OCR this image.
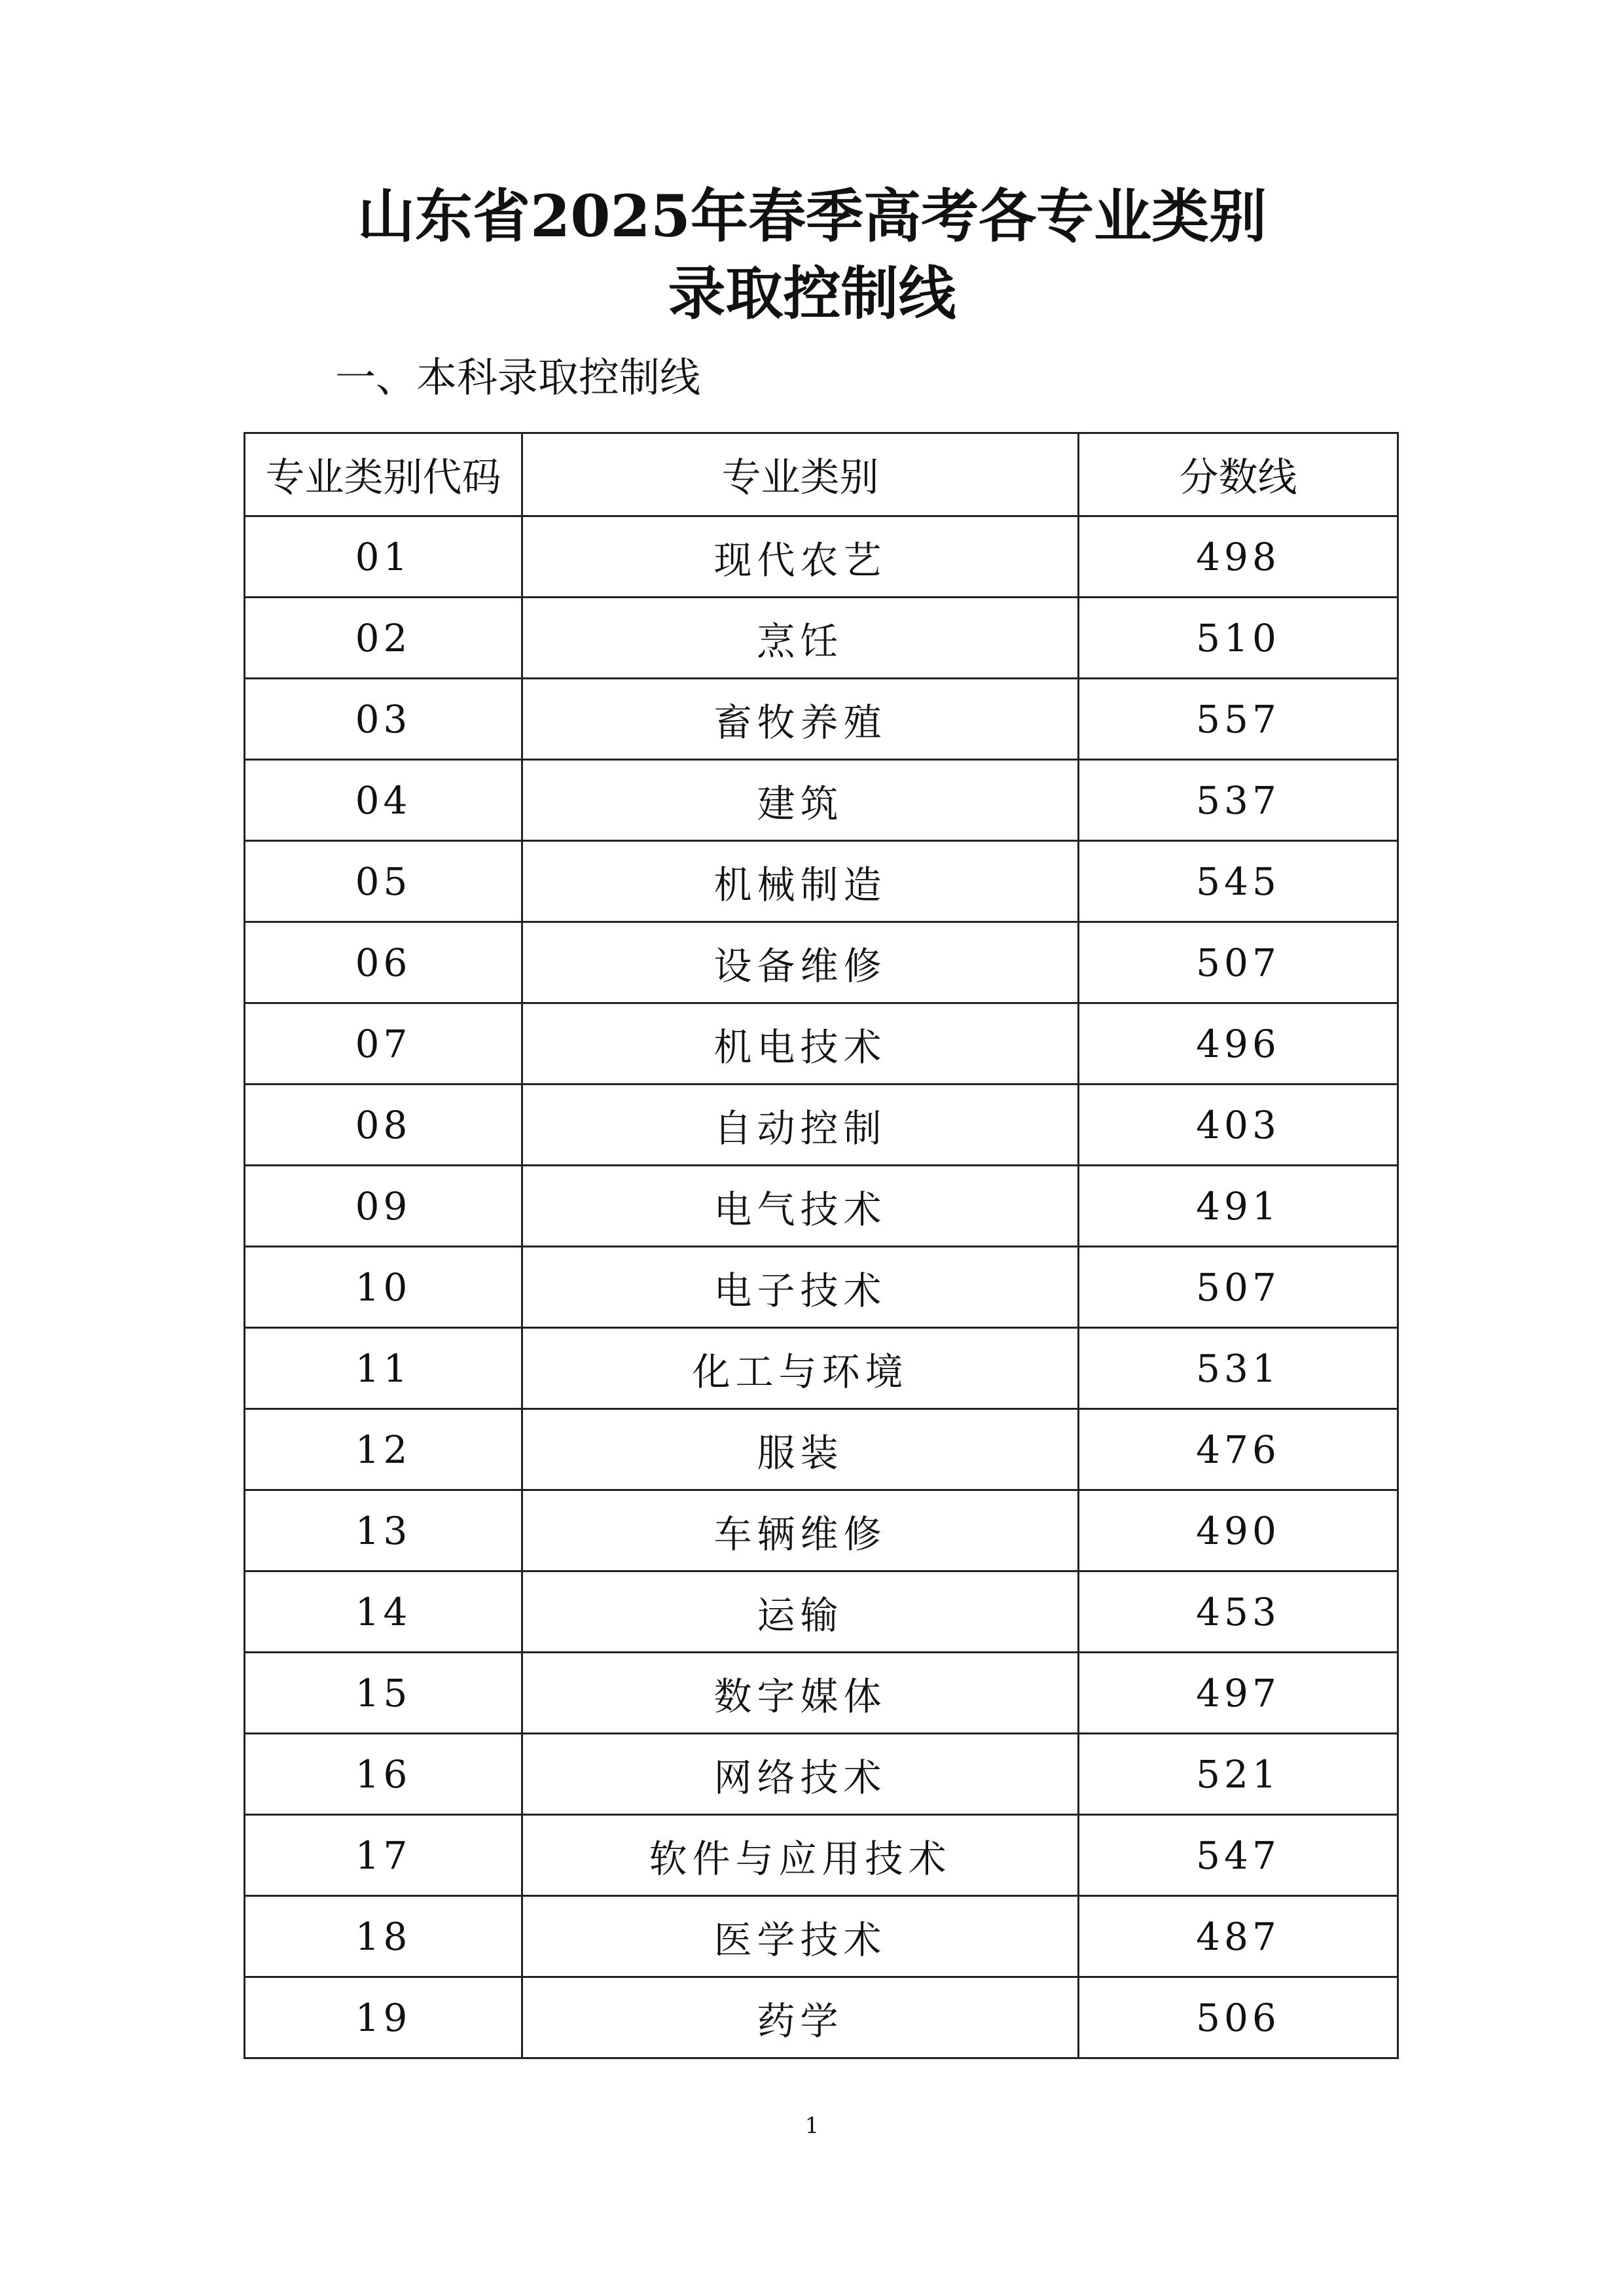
山东省2025年春季高考各专业类别
录取控制线
一、本科录取控制线
专业类别代码	专业类别	分数线
01	现代农艺	498
02	烹饪	510
03	畜牧养殖	557
04	建筑	537
05	机械制造	545
06	设备维修	507
07	机电技术	496
08	自动控制	403
09	电气技术	491
10	电子技术	507
11	化工与环境	531
12	服装	476
13	车辆维修	490
14	运输	453
15	数字媒体	497
16	网络技术	521
17	软件与应用技术	547
18	医学技术	487
19	药学	506

1
